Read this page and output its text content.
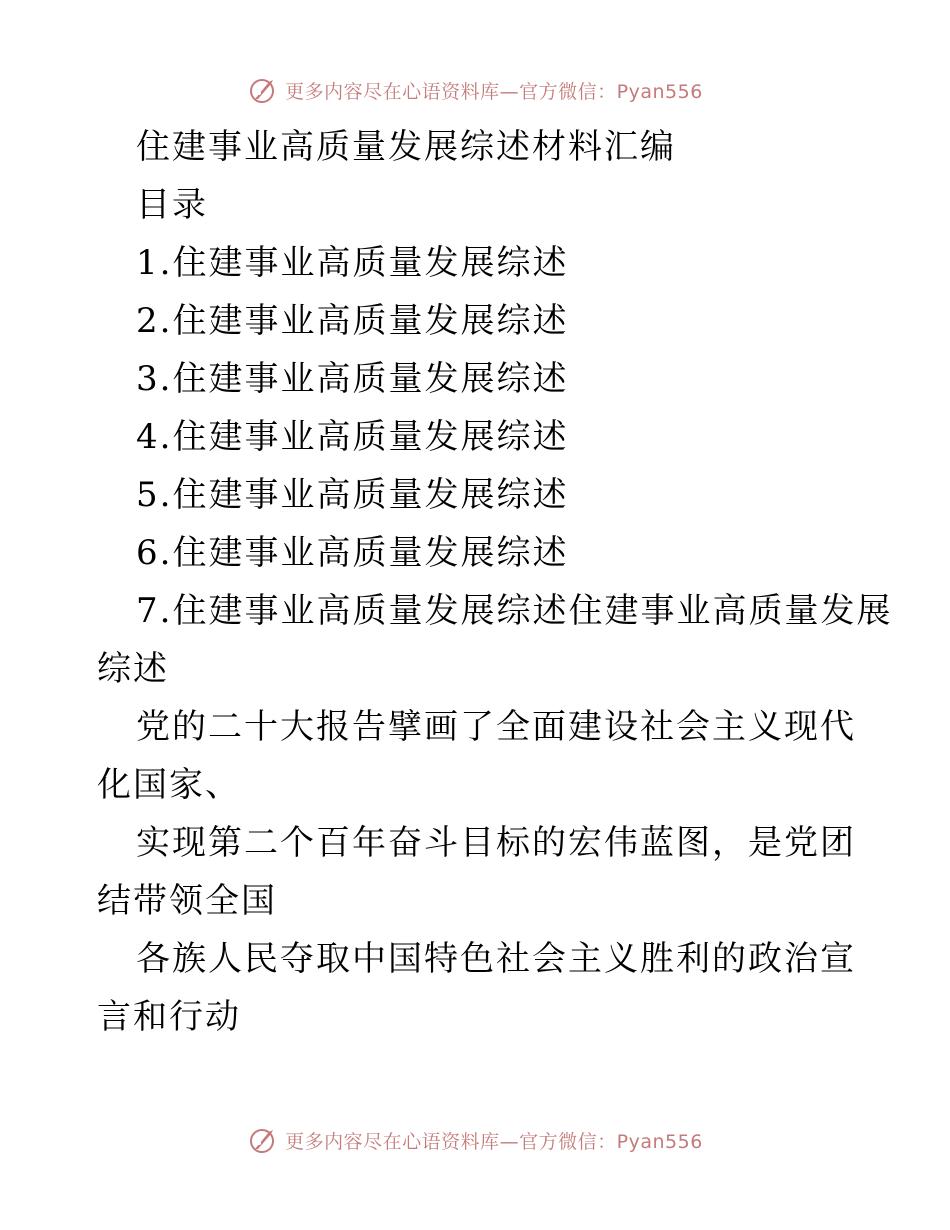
更多内容尽在心语资料库—官方微信：Pyan556
住建事业高质量发展综述材料汇编
目录
1.住建事业高质量发展综述
2.住建事业高质量发展综述
3.住建事业高质量发展综述
4.住建事业高质量发展综述
5.住建事业高质量发展综述
6.住建事业高质量发展综述
7.住建事业高质量发展综述住建事业高质量发展
综述
党的二十大报告擘画了全面建设社会主义现代化国家、
实现第二个百年奋斗目标的宏伟蓝图，是党团结带领全国
各族人民夺取中国特色社会主义胜利的政治宣言和行动
更多内容尽在心语资料库—官方微信：Pyan556
